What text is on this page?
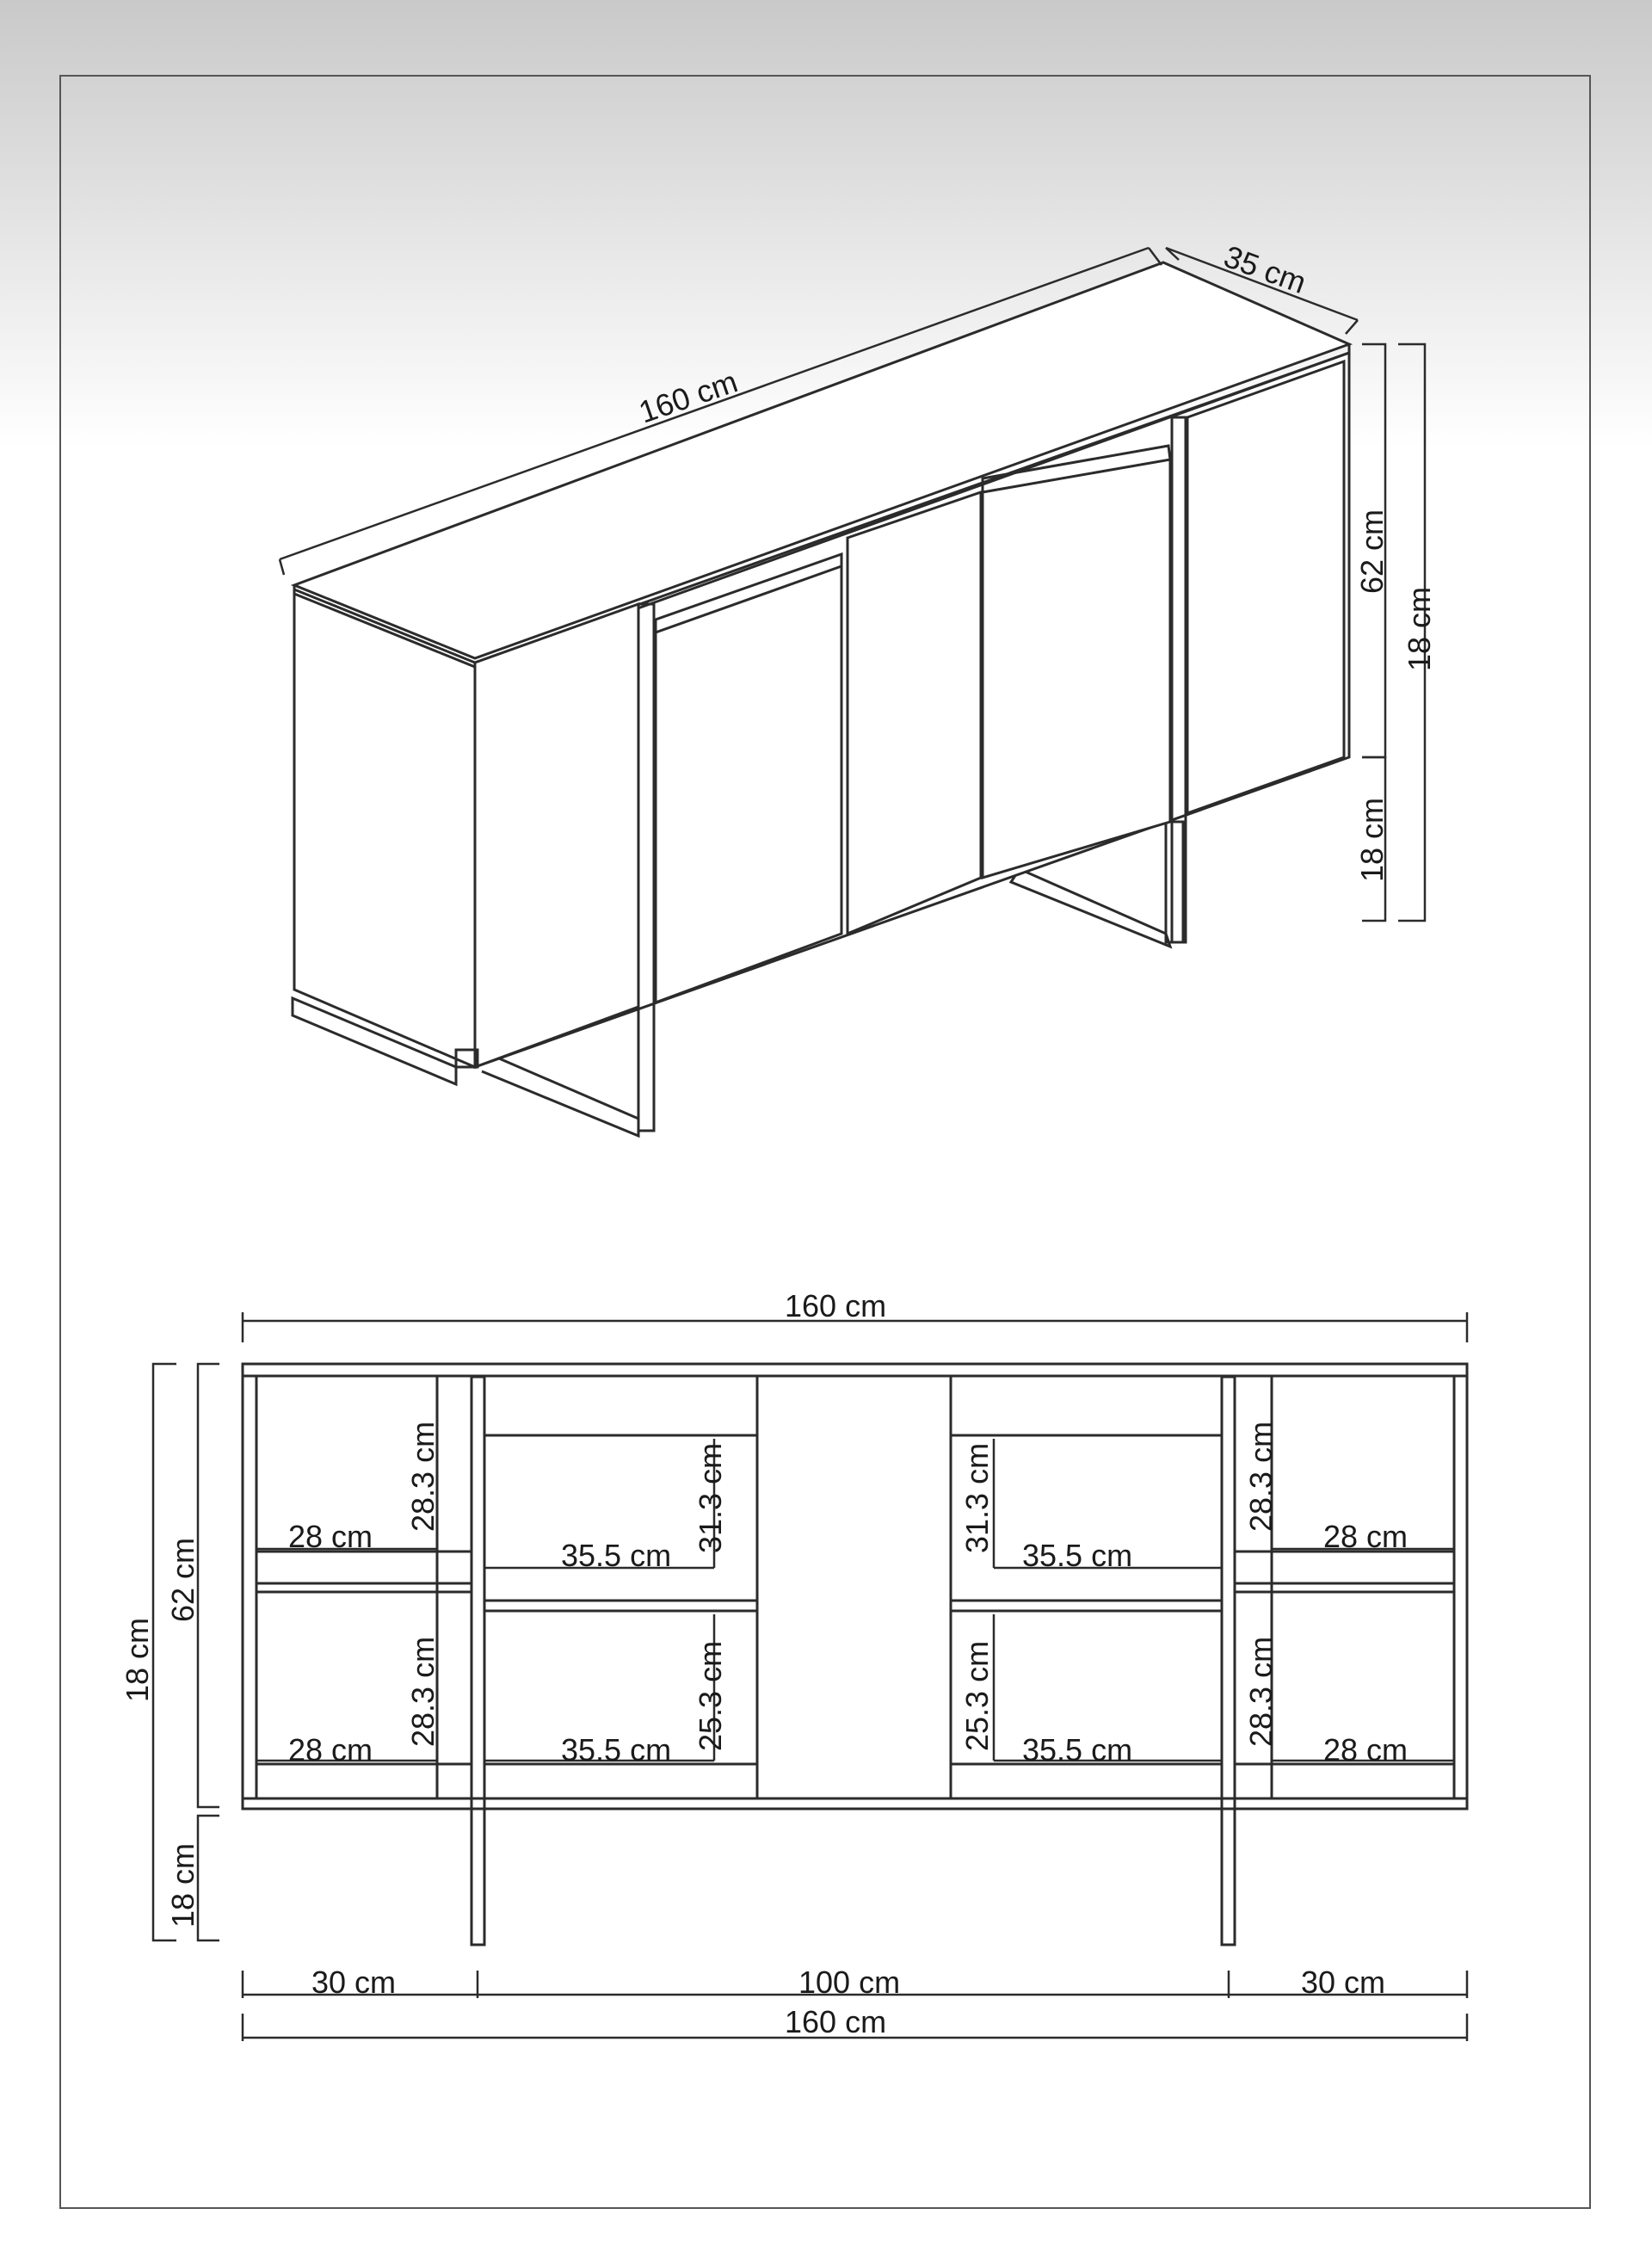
160 cm
35 cm
62 cm
18 cm
18 cm
160 cm
28 cm
28.3 cm
28 cm
28.3 cm
35.5 cm
31.3 cm
35.5 cm 25.3 cm
35.5 cm
31.3 cm
35.5 cm
25.3 cm
28 cm
28.3 cm
28 cm
28.3 cm
62 cm
18 cm
18 cm
30 cm	100 cm	30 cm
160 cm
